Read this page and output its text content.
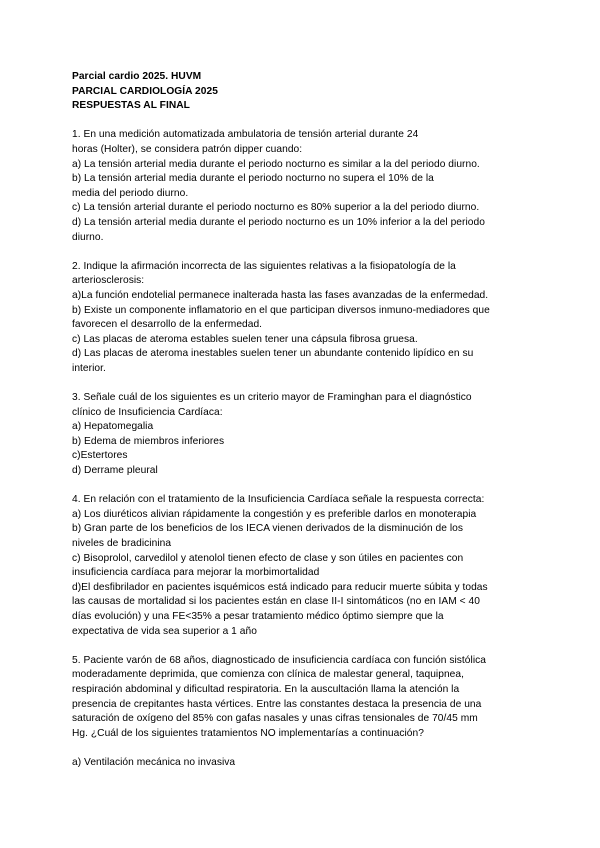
Parcial cardio 2025. HUVM
PARCIAL CARDIOLOGÍA 2025
RESPUESTAS AL FINAL
1. En una medición automatizada ambulatoria de tensión arterial durante 24
horas (Holter), se considera patrón dipper cuando:
a) La tensión arterial media durante el periodo nocturno es similar a la del periodo diurno.
b) La tensión arterial media durante el periodo nocturno no supera el 10% de la
media del periodo diurno.
c) La tensión arterial durante el periodo nocturno es 80% superior a la del periodo diurno.
d) La tensión arterial media durante el periodo nocturno es un 10% inferior a la del periodo
diurno.
2. Indique la afirmación incorrecta de las siguientes relativas a la fisiopatología de la
arteriosclerosis:
a)La función endotelial permanece inalterada hasta las fases avanzadas de la enfermedad.
b) Existe un componente inflamatorio en el que participan diversos inmuno-mediadores que
favorecen el desarrollo de la enfermedad.
c) Las placas de ateroma estables suelen tener una cápsula fibrosa gruesa.
d) Las placas de ateroma inestables suelen tener un abundante contenido lipídico en su
interior.
3. Señale cuál de los siguientes es un criterio mayor de Framinghan para el diagnóstico
clínico de Insuficiencia Cardíaca:
a) Hepatomegalia
b) Edema de miembros inferiores
c)Estertores
d) Derrame pleural
4. En relación con el tratamiento de la Insuficiencia Cardíaca señale la respuesta correcta:
a) Los diuréticos alivian rápidamente la congestión y es preferible darlos en monoterapia
b) Gran parte de los beneficios de los IECA vienen derivados de la disminución de los
niveles de bradicinina
c) Bisoprolol, carvedilol y atenolol tienen efecto de clase y son útiles en pacientes con
insuficiencia cardíaca para mejorar la morbimortalidad
d)El desfibrilador en pacientes isquémicos está indicado para reducir muerte súbita y todas
las causas de mortalidad si los pacientes están en clase II-I sintomáticos (no en IAM < 40
días evolución) y una FE<35% a pesar tratamiento médico óptimo siempre que la
expectativa de vida sea superior a 1 año
5. Paciente varón de 68 años, diagnosticado de insuficiencia cardíaca con función sistólica
moderadamente deprimida, que comienza con clínica de malestar general, taquipnea,
respiración abdominal y dificultad respiratoria. En la auscultación llama la atención la
presencia de crepitantes hasta vértices. Entre las constantes destaca la presencia de una
saturación de oxígeno del 85% con gafas nasales y unas cifras tensionales de 70/45 mm
Hg. ¿Cuál de los siguientes tratamientos NO implementarías a continuación?
a) Ventilación mecánica no invasiva
